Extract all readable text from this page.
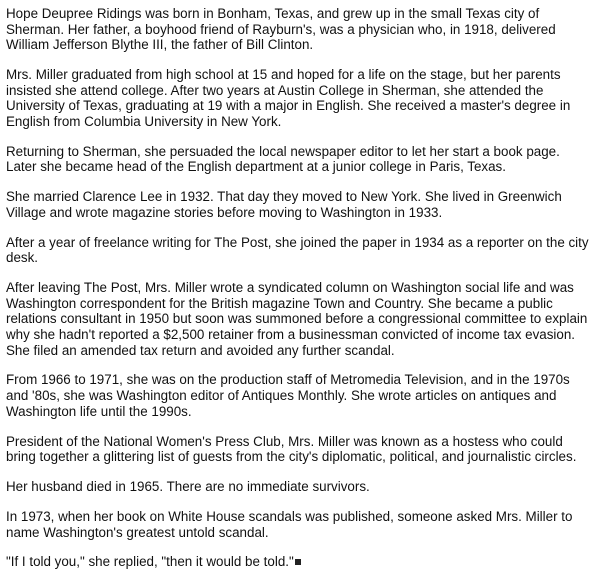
Hope Deupree Ridings was born in Bonham, Texas, and grew up in the small Texas city of Sherman. Her father, a boyhood friend of Rayburn's, was a physician who, in 1918, delivered William Jefferson Blythe III, the father of Bill Clinton.

Mrs. Miller graduated from high school at 15 and hoped for a life on the stage, but her parents insisted she attend college. After two years at Austin College in Sherman, she attended the University of Texas, graduating at 19 with a major in English. She received a master's degree in English from Columbia University in New York.

Returning to Sherman, she persuaded the local newspaper editor to let her start a book page. Later she became head of the English department at a junior college in Paris, Texas.

She married Clarence Lee in 1932. That day they moved to New York. She lived in Greenwich Village and wrote magazine stories before moving to Washington in 1933.

After a year of freelance writing for The Post, she joined the paper in 1934 as a reporter on the city desk.

After leaving The Post, Mrs. Miller wrote a syndicated column on Washington social life and was Washington correspondent for the British magazine Town and Country. She became a public relations consultant in 1950 but soon was summoned before a congressional committee to explain why she hadn't reported a $2,500 retainer from a businessman convicted of income tax evasion. She filed an amended tax return and avoided any further scandal.

From 1966 to 1971, she was on the production staff of Metromedia Television, and in the 1970s and '80s, she was Washington editor of Antiques Monthly. She wrote articles on antiques and Washington life until the 1990s.

President of the National Women's Press Club, Mrs. Miller was known as a hostess who could bring together a glittering list of guests from the city's diplomatic, political, and journalistic circles.

Her husband died in 1965. There are no immediate survivors.

In 1973, when her book on White House scandals was published, someone asked Mrs. Miller to name Washington's greatest untold scandal.

"If I told you," she replied, "then it would be told."
